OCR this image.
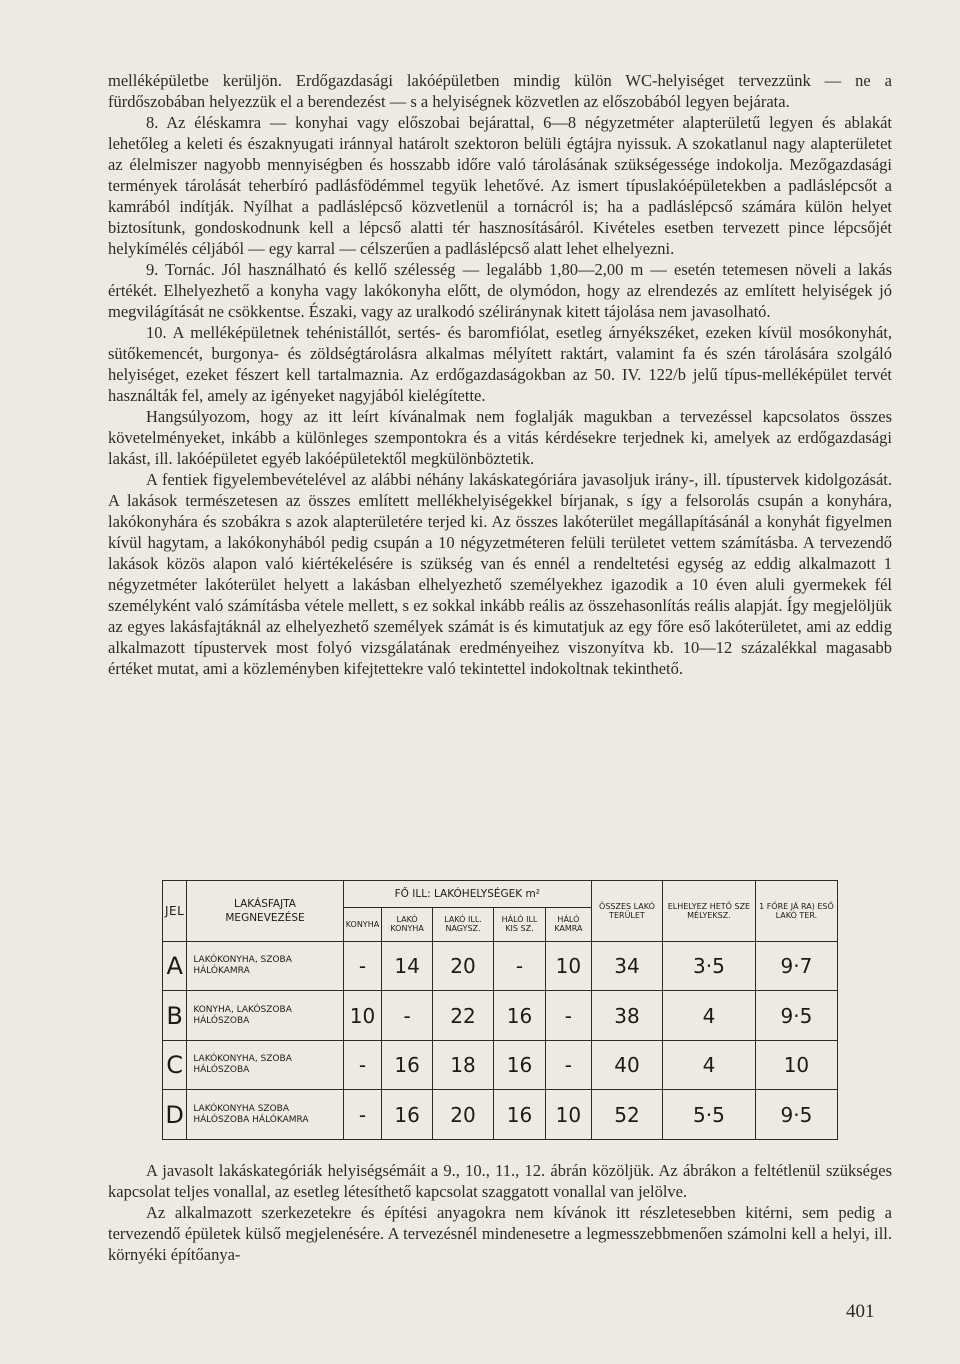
melléképületbe kerüljön. Erdőgazdasági lakóépületben mindig külön WC-helyiséget tervezzünk — ne a fürdőszobában helyezzük el a berendezést — s a helyiségnek közvetlen az előszobából legyen bejárata.

8. Az éléskamra — konyhai vagy előszobai bejárattal, 6—8 négyzetméter alapterületű legyen és ablakát lehetőleg a keleti és északnyugati iránnyal határolt szektoron belüli égtájra nyissuk. A szokatlanul nagy alapterületet az élelmiszer nagyobb mennyiségben és hosszabb időre való tárolásának szükségessége indokolja. Mezőgazdasági termények tárolását teherbíró padlásfödémmel tegyük lehetővé. Az ismert típuslakóépületekben a padláslépcsőt a kamrából indítják. Nyílhat a padláslépcső közvetlenül a tornácról is; ha a padláslépcső számára külön helyet biztosítunk, gondoskodnunk kell a lépcső alatti tér hasznosításáról. Kivételes esetben tervezett pince lépcsőjét helykímélés céljából — egy karral — célszerűen a padláslépcső alatt lehet elhelyezni.

9. Tornác. Jól használható és kellő szélesség — legalább 1,80—2,00 m — esetén tetemesen növeli a lakás értékét. Elhelyezhető a konyha vagy lakókonyha előtt, de olymódon, hogy az elrendezés az említett helyiségek jó megvilágítását ne csökkentse. Északi, vagy az uralkodó széliránynak kitett tájolása nem javasolható.

10. A melléképületnek tehénistállót, sertés- és baromfiólat, esetleg árnyékszéket, ezeken kívül mosókonyhát, sütőkemencét, burgonya- és zöldségtárolásra alkalmas mélyített raktárt, valamint fa és szén tárolására szolgáló helyiséget, ezeket fészert kell tartalmaznia. Az erdőgazdaságokban az 50. IV. 122/b jelű típus-melléképület tervét használták fel, amely az igényeket nagyjából kielégítette.

Hangsúlyozom, hogy az itt leírt kívánalmak nem foglalják magukban a tervezéssel kapcsolatos összes követelményeket, inkább a különleges szempontokra és a vitás kérdésekre terjednek ki, amelyek az erdőgazdasági lakást, ill. lakóépületet egyéb lakóépületektől megkülönböztetik.

A fentiek figyelembevételével az alábbi néhány lakáskategóriára javasoljuk irány-, ill. típustervek kidolgozását. A lakások természetesen az összes említett mellékhelyiségekkel bírjanak, s így a felsorolás csupán a konyhára, lakókonyhára és szobákra s azok alapterületére terjed ki. Az összes lakóterület megállapításánál a konyhát figyelmen kívül hagytam, a lakókonyhából pedig csupán a 10 négyzetméteren felüli területet vettem számításba. A tervezendő lakások közös alapon való kiértékelésére is szükség van és ennél a rendeltetési egység az eddig alkalmazott 1 négyzetméter lakóterület helyett a lakásban elhelyezhető személyekhez igazodik a 10 éven aluli gyermekek fél személyként való számításba vétele mellett, s ez sokkal inkább reális az összehasonlítás reális alapját. Így megjelöljük az egyes lakásfajtáknál az elhelyezhető személyek számát is és kimutatjuk az egy főre eső lakóterületet, ami az eddig alkalmazott típustervek most folyó vizsgálatának eredményeihez viszonyítva kb. 10—12 százalékkal magasabb értéket mutat, ami a közleményben kifejtettekre való tekintettel indokoltnak tekinthető.

JEL	LAKÁSFAJTA
MEGNEVEZÉSE	FŐ ILL: LAKÓHELYSÉGEK m²					ÖSSZES LAKÓ TERÜLET	ELHELYEZ HETŐ SZE MÉLYEKSZ.	1 FŐRE JÁ RA) ESŐ LAKÓ TER.
		KONYHA	LAKÓ KONYHA	LAKÓ ILL. NAGYSZ.	HÁLÓ ILL KIS SZ.	HÁLÓ KAMRA			
A	LAKÓKONYHA, SZOBA HÁLÓKAMRA	-	14	20	-	10	34	3·5	9·7
B	KONYHA, LAKÓSZOBA HÁLÓSZOBA	10	-	22	16	-	38	4	9·5
C	LAKÓKONYHA, SZOBA HÁLÓSZOBA	-	16	18	16	-	40	4	10
D	LAKÓKONYHA SZOBA HÁLÓSZOBA HÁLÓKAMRA	-	16	20	16	10	52	5·5	9·5

A javasolt lakáskategóriák helyiségsémáit a 9., 10., 11., 12. ábrán közöljük. Az ábrákon a feltétlenül szükséges kapcsolat teljes vonallal, az esetleg létesíthető kapcsolat szaggatott vonallal van jelölve.

Az alkalmazott szerkezetekre és építési anyagokra nem kívánok itt részletesebben kitérni, sem pedig a tervezendő épületek külső megjelenésére. A tervezésnél mindenesetre a legmesszebbmenően számolni kell a helyi, ill. környéki építőanya-

401
